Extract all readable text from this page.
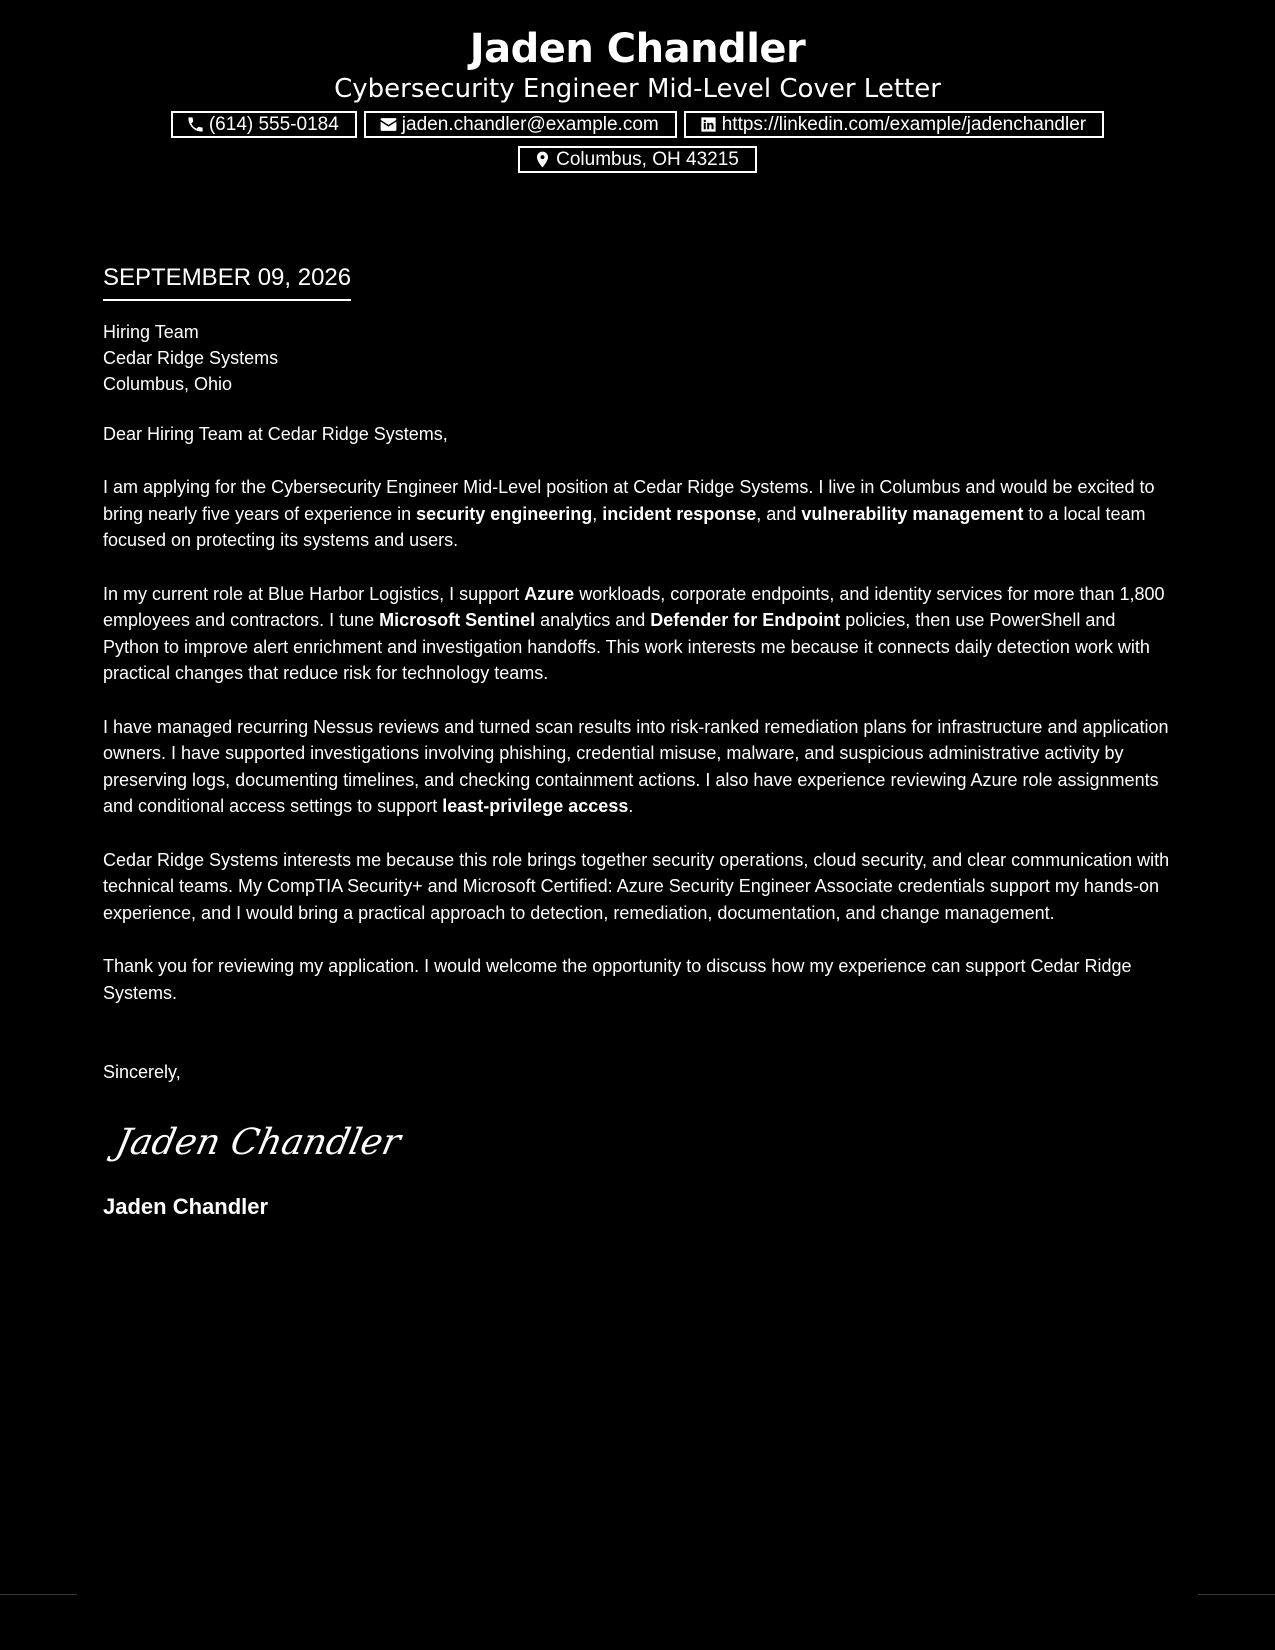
Jaden Chandler
Cybersecurity Engineer Mid-Level Cover Letter
(614) 555-0184	jaden.chandler@example.com	https://linkedin.com/example/jadenchandler
Columbus, OH 43215
SEPTEMBER 09, 2026
Hiring Team
Cedar Ridge Systems
Columbus, Ohio
Dear Hiring Team at Cedar Ridge Systems,

I am applying for the Cybersecurity Engineer Mid-Level position at Cedar Ridge Systems. I live in Columbus and would be excited to bring nearly five years of experience in security engineering, incident response, and vulnerability management to a local team focused on protecting its systems and users.

In my current role at Blue Harbor Logistics, I support Azure workloads, corporate endpoints, and identity services for more than 1,800 employees and contractors. I tune Microsoft Sentinel analytics and Defender for Endpoint policies, then use PowerShell and Python to improve alert enrichment and investigation handoffs. This work interests me because it connects daily detection work with practical changes that reduce risk for technology teams.

I have managed recurring Nessus reviews and turned scan results into risk-ranked remediation plans for infrastructure and application owners. I have supported investigations involving phishing, credential misuse, malware, and suspicious administrative activity by preserving logs, documenting timelines, and checking containment actions. I also have experience reviewing Azure role assignments and conditional access settings to support least-privilege access.

Cedar Ridge Systems interests me because this role brings together security operations, cloud security, and clear communication with technical teams. My CompTIA Security+ and Microsoft Certified: Azure Security Engineer Associate credentials support my hands-on experience, and I would bring a practical approach to detection, remediation, documentation, and change management.

Thank you for reviewing my application. I would welcome the opportunity to discuss how my experience can support Cedar Ridge Systems.

Sincerely,
Jaden Chandler
Jaden Chandler
